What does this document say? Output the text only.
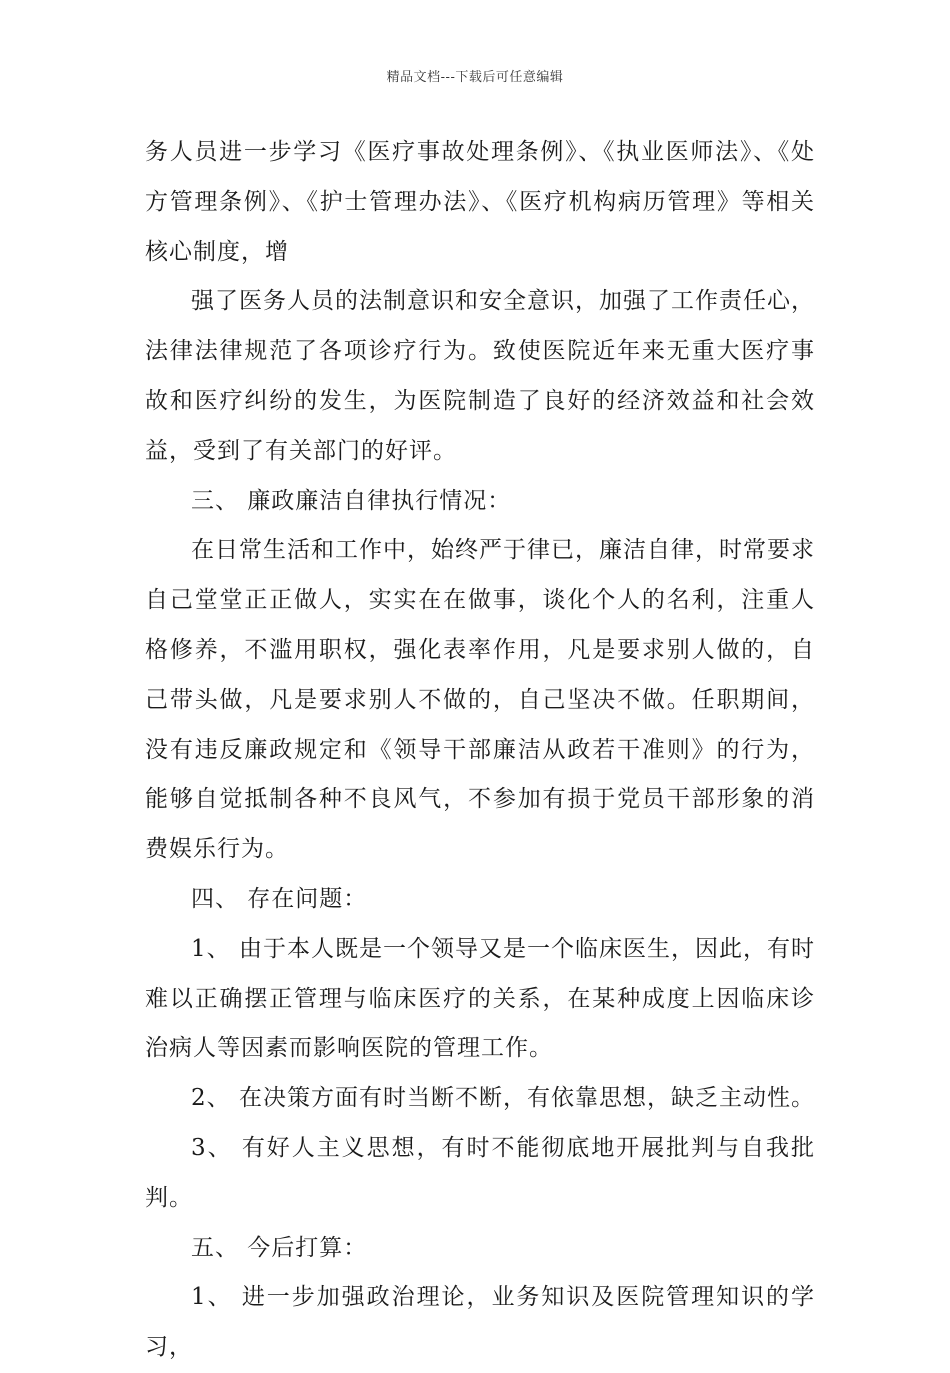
精品文档---下载后可任意编辑

务人员进一步学习《医疗事故处理条例》、《执业医师法》、《处方管理条例》、《护士管理办法》、《医疗机构病历管理》等相关核心制度，增

强了医务人员的法制意识和安全意识，加强了工作责任心，法律法律规范了各项诊疗行为。致使医院近年来无重大医疗事故和医疗纠纷的发生，为医院制造了良好的经济效益和社会效益，受到了有关部门的好评。

三、 廉政廉洁自律执行情况：

在日常生活和工作中，始终严于律已，廉洁自律，时常要求自己堂堂正正做人，实实在在做事，谈化个人的名利，注重人格修养，不滥用职权，强化表率作用，凡是要求别人做的，自己带头做，凡是要求别人不做的，自己坚决不做。任职期间，没有违反廉政规定和《领导干部廉洁从政若干准则》的行为，能够自觉抵制各种不良风气，不参加有损于党员干部形象的消费娱乐行为。

四、 存在问题：

1、 由于本人既是一个领导又是一个临床医生，因此，有时难以正确摆正管理与临床医疗的关系，在某种成度上因临床诊治病人等因素而影响医院的管理工作。

2、 在决策方面有时当断不断，有依靠思想，缺乏主动性。

3、 有好人主义思想，有时不能彻底地开展批判与自我批判。

五、 今后打算：

1、 进一步加强政治理论，业务知识及医院管理知识的学习，
